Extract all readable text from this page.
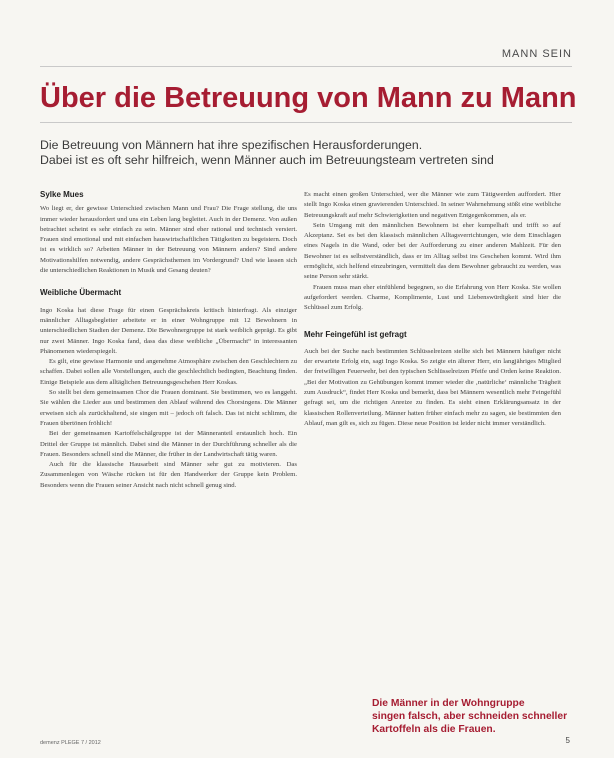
MANN SEIN
Über die Betreuung von Mann zu Mann

Die Betreuung von Männern hat ihre spezifischen Herausforderungen.

Dabei ist es oft sehr hilfreich, wenn Männer auch im Betreuungsteam vertreten sind

Sylke Mues

Wo liegt er, der gewisse Unterschied zwischen Mann und Frau? Die Frage stellung, die uns immer wieder herausfordert und uns ein Leben lang begleitet. Auch in der Demenz. Von außen betrachtet scheint es sehr einfach zu sein. Männer sind eher rational und technisch versiert. Frauen sind emotional und mit einfachen hauswirtschaftlichen Tätigkeiten zu begeistern. Doch ist es wirklich so? Arbeiten Männer in der Betreuung von Männern anders? Sind andere Motivationshilfen notwendig, andere Gesprächsthemen im Vordergrund? Und wie lassen sich die unterschiedlichen Reaktionen in Musik und Gesang deuten?

Weibliche Übermacht

Ingo Koska hat diese Frage für einen Gesprächskreis kritisch hinterfragt. Als einziger männlicher Alltagsbegleiter arbeitete er in einer Wohngruppe mit 12 Bewohnern in unterschiedlichen Stadien der Demenz. Die Bewohnergruppe ist stark weiblich geprägt. Es gibt nur zwei Männer. Ingo Koska fand, dass das diese weibliche „Übermacht“ in interessanten Phänomenen wiederspiegelt.

Es gilt, eine gewisse Harmonie und angenehme Atmosphäre zwischen den Geschlechtern zu schaffen. Dabei sollen alle Vorstellungen, auch die geschlechtlich bedingten, Beachtung finden. Einige Beispiele aus dem alltäglichen Betreuungsgeschehen Herr Koskas.

So stellt bei dem gemeinsamen Chor die Frauen dominant. Sie bestimmen, wo es langgeht. Sie wählen die Lieder aus und bestimmen den Ablauf während des Chorsingens. Die Männer erweisen sich als zurückhaltend, sie singen mit – jedoch oft falsch. Das ist nicht schlimm, die Frauen übertönen fröhlich!

Bei der gemeinsamen Kartoffelschälgruppe ist der Männeranteil erstaunlich hoch. Ein Drittel der Gruppe ist männlich. Dabei sind die Männer in der Durchführung schneller als die Frauen. Besonders schnell sind die Männer, die früher in der Landwirtschaft tätig waren.

Auch für die klassische Hausarbeit sind Männer sehr gut zu motivieren. Das Zusammenlegen von Wäsche rücken ist für den Handwerker der Gruppe kein Problem. Besonders wenn die Frauen seiner Ansicht nach nicht schnell genug sind.

Es macht einen großen Unterschied, wer die Männer wie zum Tätigwerden auffordert. Hier stellt Ingo Koska einen gravierenden Unterschied. In seiner Wahrnehmung stößt eine weibliche Betreuungskraft auf mehr Schwierigkeiten und negativen Entgegenkommen, als er.

Sein Umgang mit den männlichen Bewohnern ist eher kumpelhaft und trifft so auf Akzeptanz. Sei es bei den klassisch männlichen Alltagsverrichtungen, wie dem Einschlagen eines Nagels in die Wand, oder bei der Aufforderung zu einer anderen Mahlzeit. Für den Bewohner ist es selbstverständlich, dass er im Alltag selbst ins Geschehen kommt. Wird ihm ermöglicht, sich helfend einzubringen, vermittelt das dem Bewohner gebraucht zu werden, was seine Person sehr stärkt.

Frauen muss man eher einfühlend begegnen, so die Erfahrung von Herr Koska. Sie wollen aufgefordert werden. Charme, Komplimente, Lust und Liebenswürdigkeit sind hier die Schlüssel zum Erfolg.

Mehr Feingefühl ist gefragt

Auch bei der Suche nach bestimmten Schlüsselreizen stellte sich bei Männern häufiger nicht der erwartete Erfolg ein, sagt Ingo Koska. So zeigte ein älterer Herr, ein langjähriges Mitglied der freiwilligen Feuerwehr, bei den typischen Schlüsselreizen Pfeife und Orden keine Reaktion. „Bei der Motivation zu Gehübungen kommt immer wieder die ‚natürliche‘ männliche Trägheit zum Ausdruck“, findet Herr Koska und bemerkt, dass bei Männern wesentlich mehr Feingefühl gefragt sei, um die richtigen Anreize zu finden. Es sieht einen Erklärungsansatz in der klassischen Rollenverteilung. Männer hatten früher einfach mehr zu sagen, sie bestimmten den Ablauf, man gilt es, sich zu fügen. Diese neue Position ist leider nicht immer verständlich.

Die Männer in der Wohngruppe

singen falsch, aber schneiden schneller

Kartoffeln als die Frauen.

demenz PLEGE 7 / 2012	5
